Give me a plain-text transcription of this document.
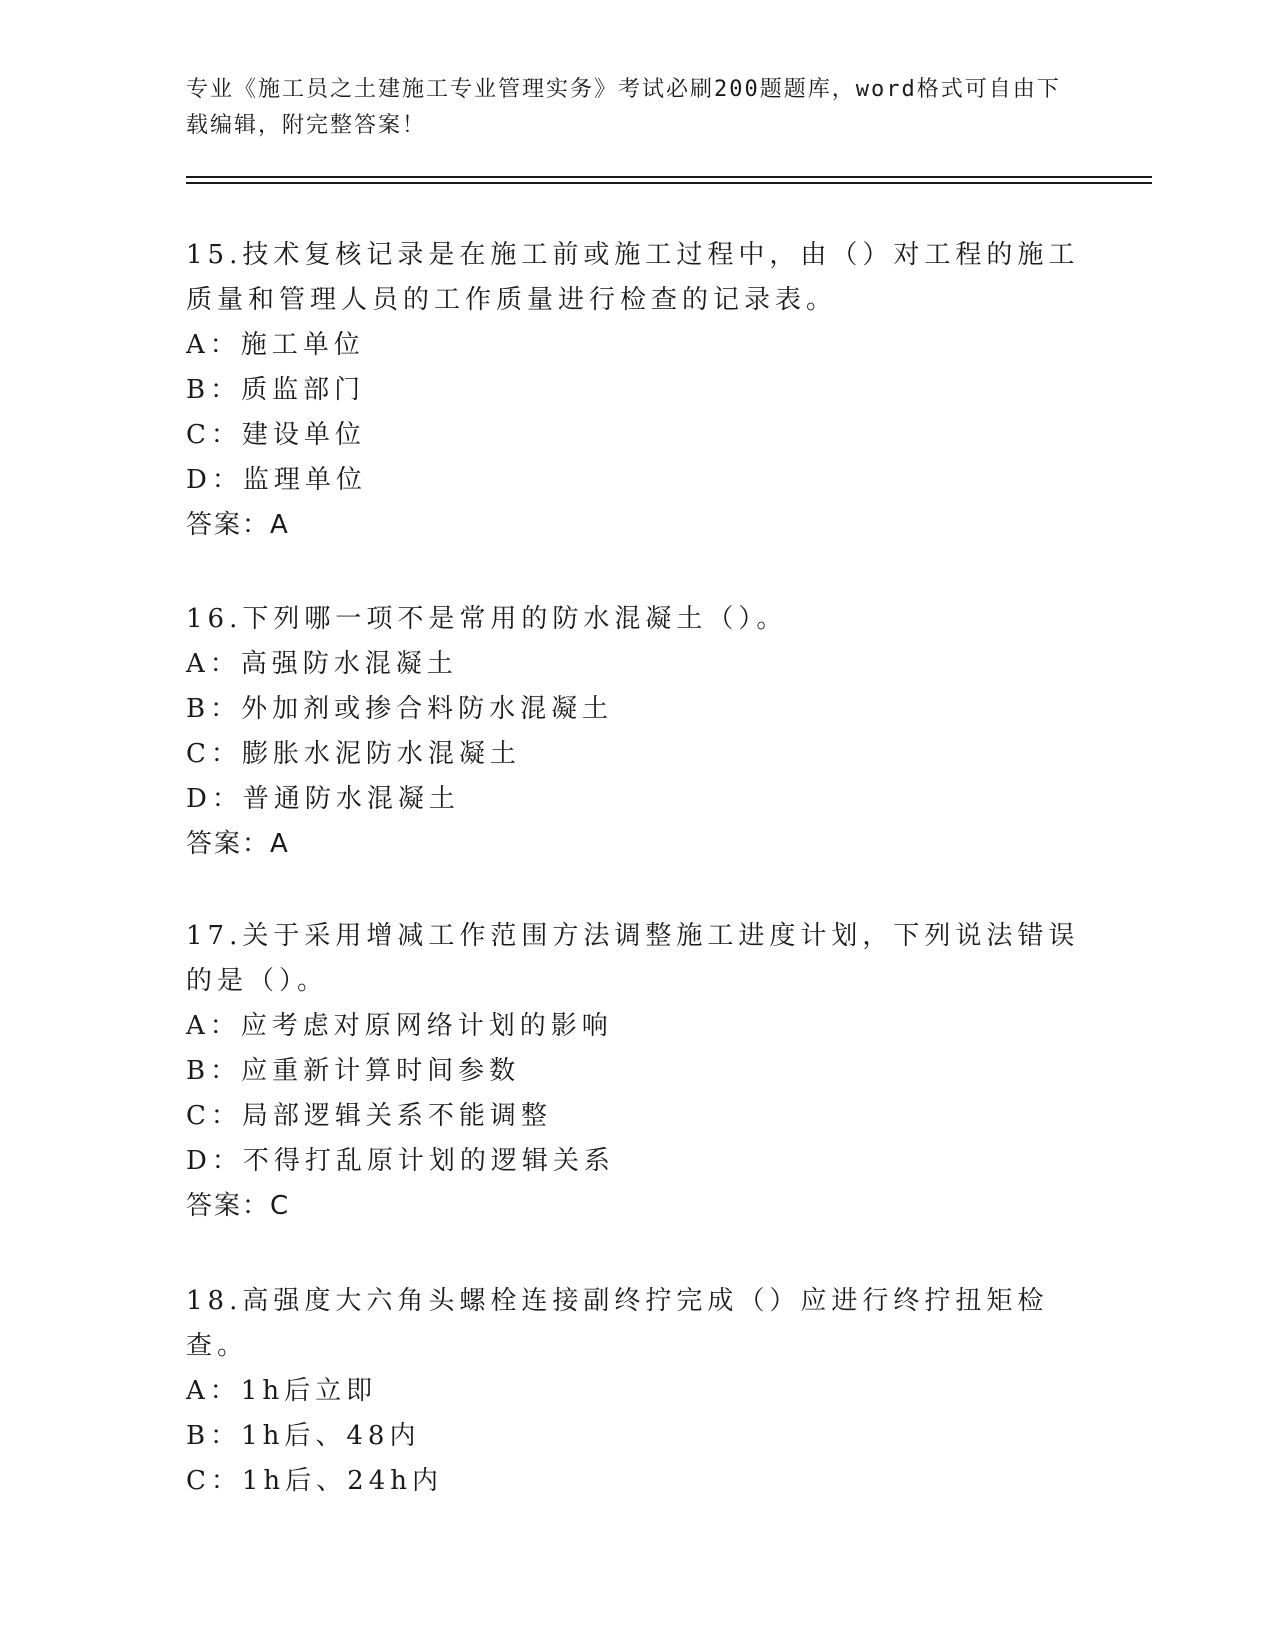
专业《施工员之土建施工专业管理实务》考试必刷200题题库，word格式可自由下载编辑，附完整答案！

15.技术复核记录是在施工前或施工过程中，由（）对工程的施工质量和管理人员的工作质量进行检查的记录表。

A：施工单位
B：质监部门
C：建设单位
D：监理单位
答案：A

16.下列哪一项不是常用的防水混凝土（）。

A：高强防水混凝土
B：外加剂或掺合料防水混凝土
C：膨胀水泥防水混凝土
D：普通防水混凝土
答案：A

17.关于采用增减工作范围方法调整施工进度计划，下列说法错误的是（）。

A：应考虑对原网络计划的影响
B：应重新计算时间参数
C：局部逻辑关系不能调整
D：不得打乱原计划的逻辑关系
答案：C

18.高强度大六角头螺栓连接副终拧完成（）应进行终拧扭矩检查。

A：1h后立即
B：1h后、48内
C：1h后、24h内
